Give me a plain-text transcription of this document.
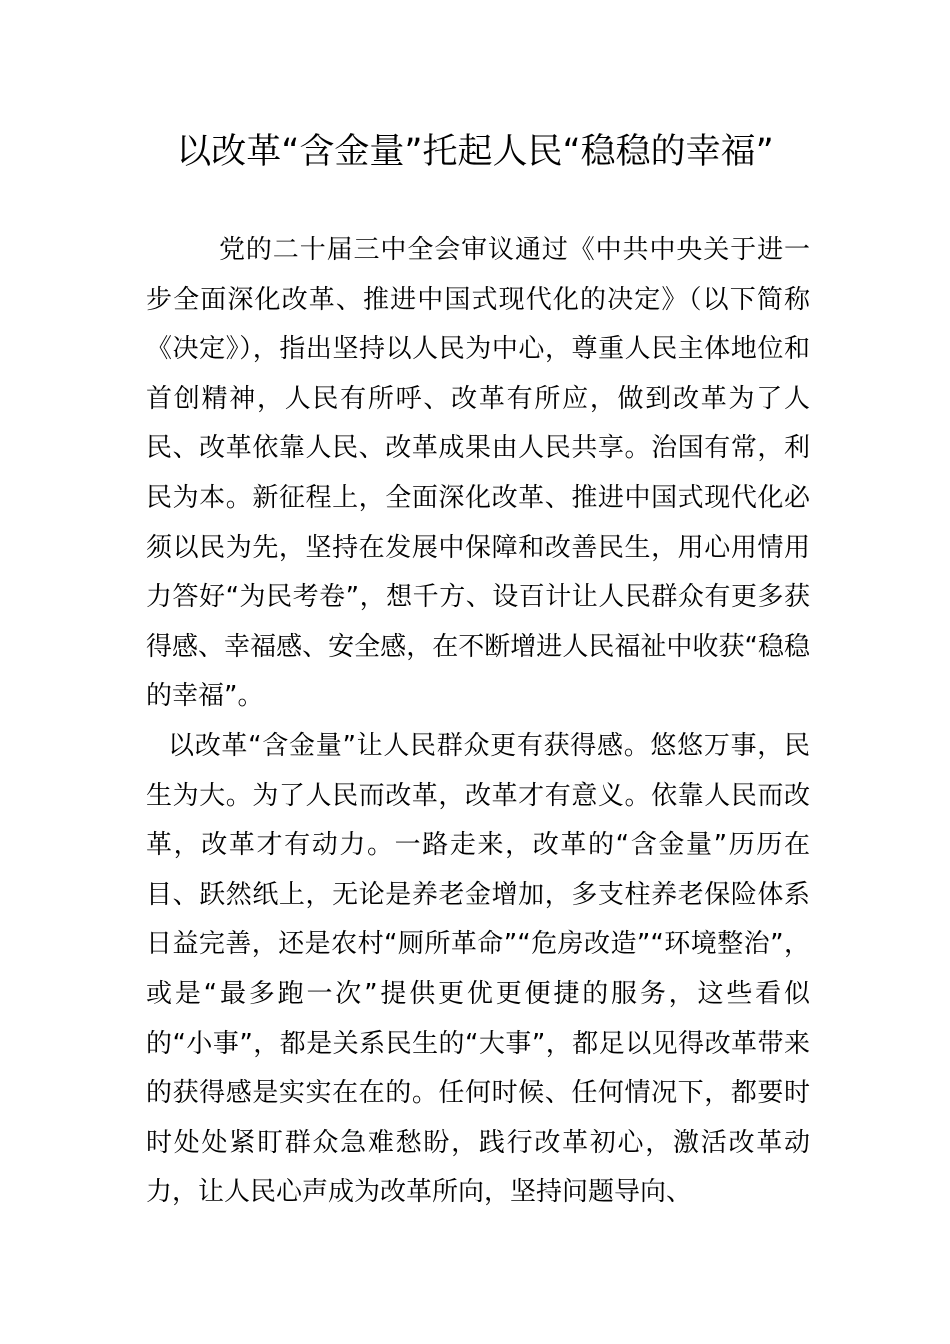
以改革“含金量”托起人民“稳稳的幸福”

党的二十届三中全会审议通过《中共中央关于进一步全面深化改革、推进中国式现代化的决定》（以下简称《决定》），指出坚持以人民为中心，尊重人民主体地位和首创精神，人民有所呼、改革有所应，做到改革为了人民、改革依靠人民、改革成果由人民共享。治国有常，利民为本。新征程上，全面深化改革、推进中国式现代化必须以民为先，坚持在发展中保障和改善民生，用心用情用力答好“为民考卷”，想千方、设百计让人民群众有更多获得感、幸福感、安全感，在不断增进人民福祉中收获“稳稳的幸福”。

以改革“含金量”让人民群众更有获得感。悠悠万事，民生为大。为了人民而改革，改革才有意义。依靠人民而改革，改革才有动力。一路走来，改革的“含金量”历历在目、跃然纸上，无论是养老金增加，多支柱养老保险体系日益完善，还是农村“厕所革命”“危房改造”“环境整治”，或是“最多跑一次”提供更优更便捷的服务，这些看似的“小事”，都是关系民生的“大事”，都足以见得改革带来的获得感是实实在在的。任何时候、任何情况下，都要时时处处紧盯群众急难愁盼，践行改革初心，激活改革动力，让人民心声成为改革所向，坚持问题导向、
